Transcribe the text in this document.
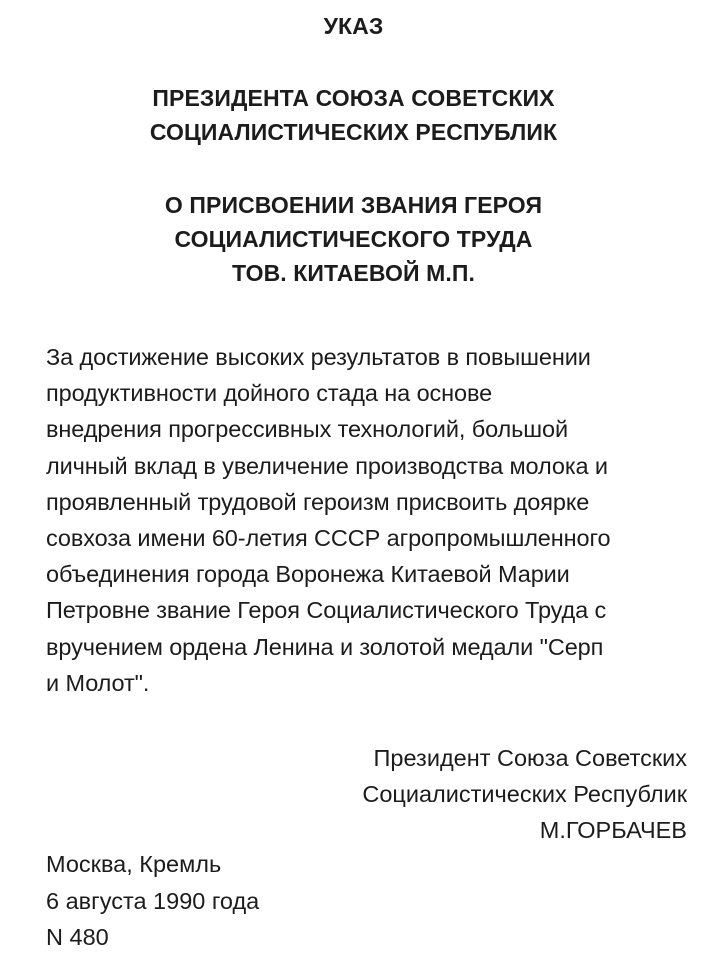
УКАЗ
ПРЕЗИДЕНТА СОЮЗА СОВЕТСКИХ
СОЦИАЛИСТИЧЕСКИХ РЕСПУБЛИК
О ПРИСВОЕНИИ ЗВАНИЯ ГЕРОЯ
СОЦИАЛИСТИЧЕСКОГО ТРУДА
ТОВ. КИТАЕВОЙ М.П.
За достижение высоких результатов в повышении
продуктивности дойного стада на основе
внедрения прогрессивных технологий, большой
личный вклад в увеличение производства молока и
проявленный трудовой героизм присвоить доярке
совхоза имени 60-летия СССР агропромышленного
объединения города Воронежа Китаевой Марии
Петровне звание Героя Социалистического Труда с
вручением ордена Ленина и золотой медали "Серп
и Молот".
Президент Союза Советских
Социалистических Республик
М.ГОРБАЧЕВ
Москва, Кремль
6 августа 1990 года
N 480
